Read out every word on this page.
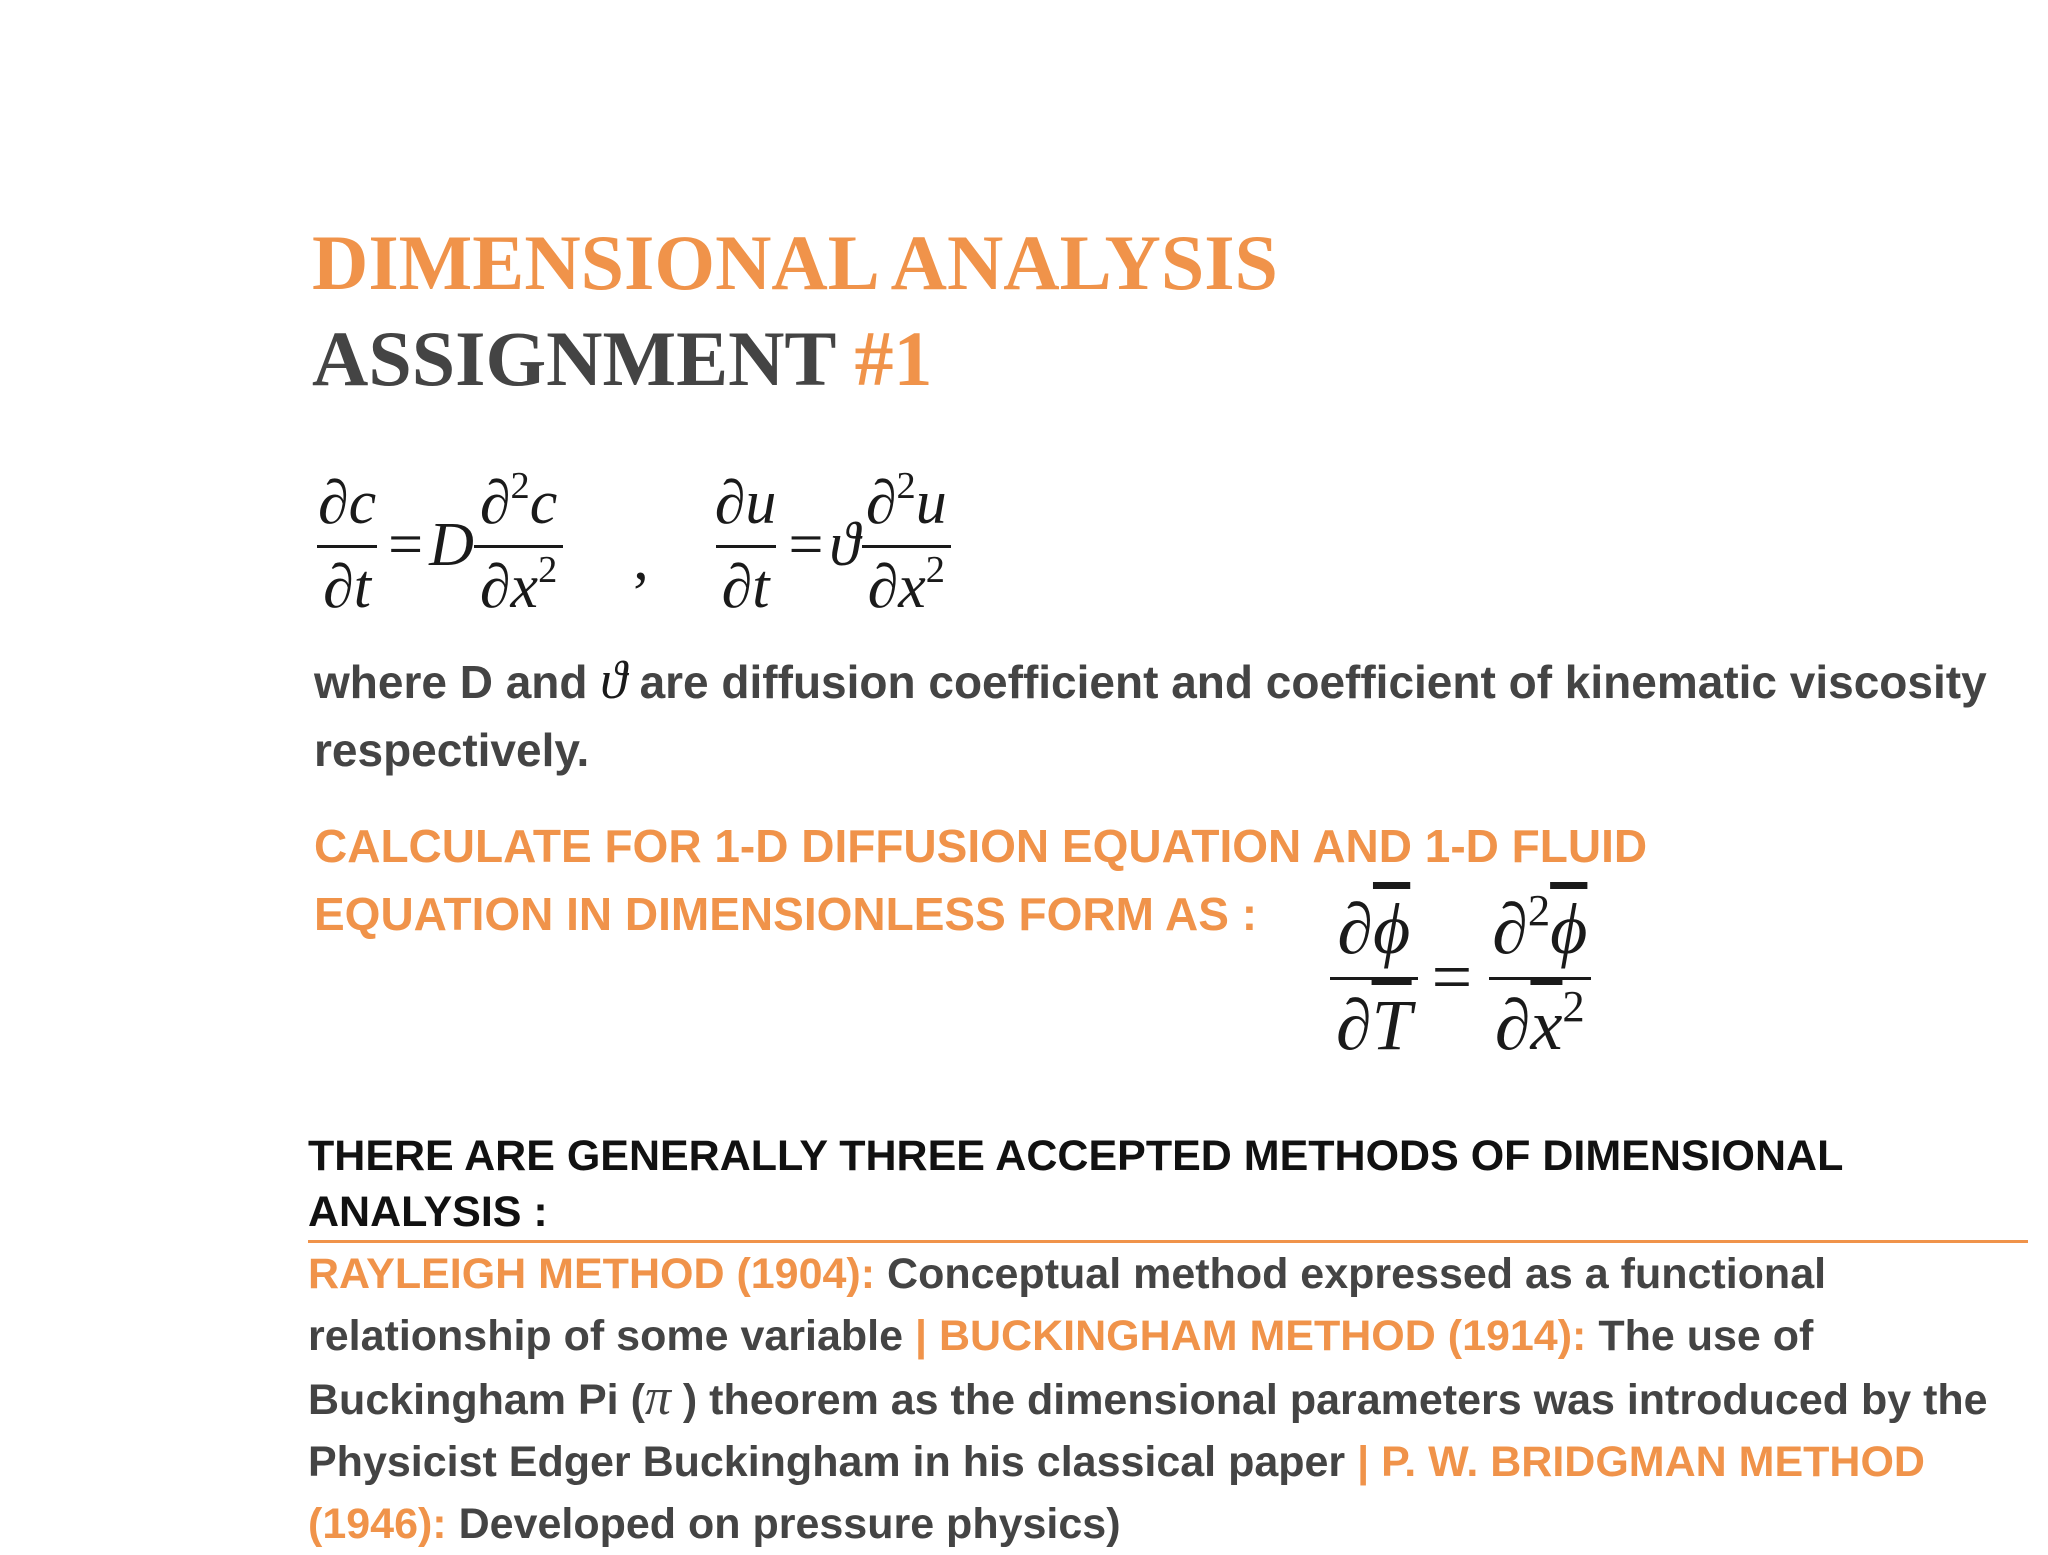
DIMENSIONAL ANALYSIS
ASSIGNMENT #1
$\frac{\partial c}{\partial t} = D \frac{\partial^2c}{\partial x^2}$ , $\frac{\partial u}{\partial t} = ϑ \frac{\partial^2u}{\partial x^2}$

where D and ϑ are diffusion coefficient and coefficient of kinematic viscosity respectively.

CALCULATE FOR 1-D DIFFUSION EQUATION AND 1-D FLUID
EQUATION IN DIMENSIONLESS FORM AS :	$\frac{\partial\overline{\phi}}{\partial\overline{T}} = \frac{\partial^2\overline{\phi}}{\partial\overline{x}^2}$

THERE ARE GENERALLY THREE ACCEPTED METHODS OF DIMENSIONAL ANALYSIS :

RAYLEIGH METHOD (1904): Conceptual method expressed as a functional relationship of some variable | BUCKINGHAM METHOD (1914): The use of Buckingham Pi (π ) theorem as the dimensional parameters was introduced by the Physicist Edger Buckingham in his classical paper | P. W. BRIDGMAN METHOD (1946): Developed on pressure physics)
